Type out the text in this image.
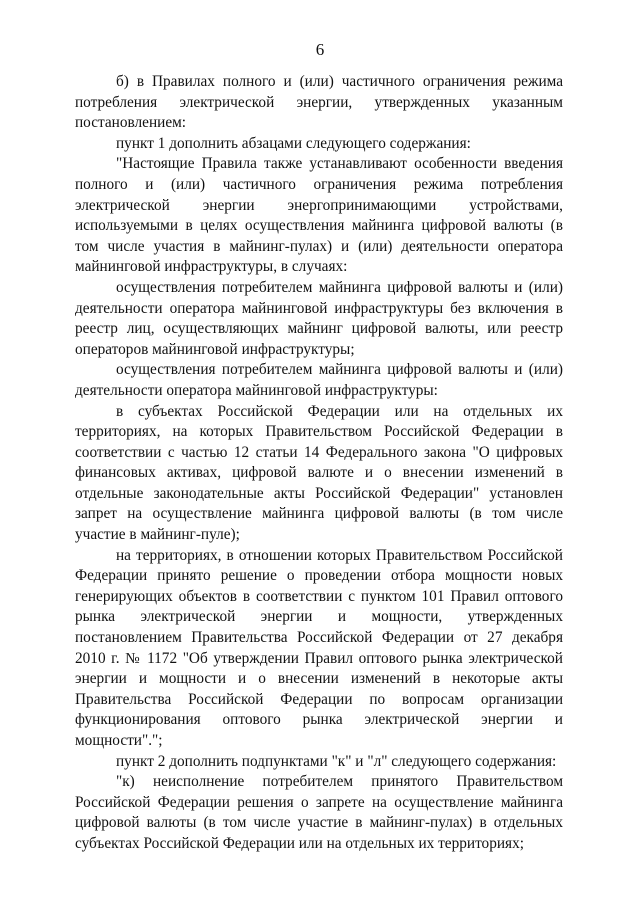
6

б) в Правилах полного и (или) частичного ограничения режима потребления электрической энергии, утвержденных указанным постановлением:

пункт 1 дополнить абзацами следующего содержания:

"Настоящие Правила также устанавливают особенности введения полного и (или) частичного ограничения режима потребления электрической энергии энергопринимающими устройствами, используемыми в целях осуществления майнинга цифровой валюты (в том числе участия в майнинг-пулах) и (или) деятельности оператора майнинговой инфраструктуры, в случаях:

осуществления потребителем майнинга цифровой валюты и (или) деятельности оператора майнинговой инфраструктуры без включения в реестр лиц, осуществляющих майнинг цифровой валюты, или реестр операторов майнинговой инфраструктуры;

осуществления потребителем майнинга цифровой валюты и (или) деятельности оператора майнинговой инфраструктуры:

в субъектах Российской Федерации или на отдельных их территориях, на которых Правительством Российской Федерации в соответствии с частью 12 статьи 14 Федерального закона "О цифровых финансовых активах, цифровой валюте и о внесении изменений в отдельные законодательные акты Российской Федерации" установлен запрет на осуществление майнинга цифровой валюты (в том числе участие в майнинг-пуле);

на территориях, в отношении которых Правительством Российской Федерации принято решение о проведении отбора мощности новых генерирующих объектов в соответствии с пунктом 101 Правил оптового рынка электрической энергии и мощности, утвержденных постановлением Правительства Российской Федерации от 27 декабря 2010 г. № 1172 "Об утверждении Правил оптового рынка электрической энергии и мощности и о внесении изменений в некоторые акты Правительства Российской Федерации по вопросам организации функционирования оптового рынка электрической энергии и мощности".";

пункт 2 дополнить подпунктами "к" и "л" следующего содержания:

"к) неисполнение потребителем принятого Правительством Российской Федерации решения о запрете на осуществление майнинга цифровой валюты (в том числе участие в майнинг-пулах) в отдельных субъектах Российской Федерации или на отдельных их территориях;
